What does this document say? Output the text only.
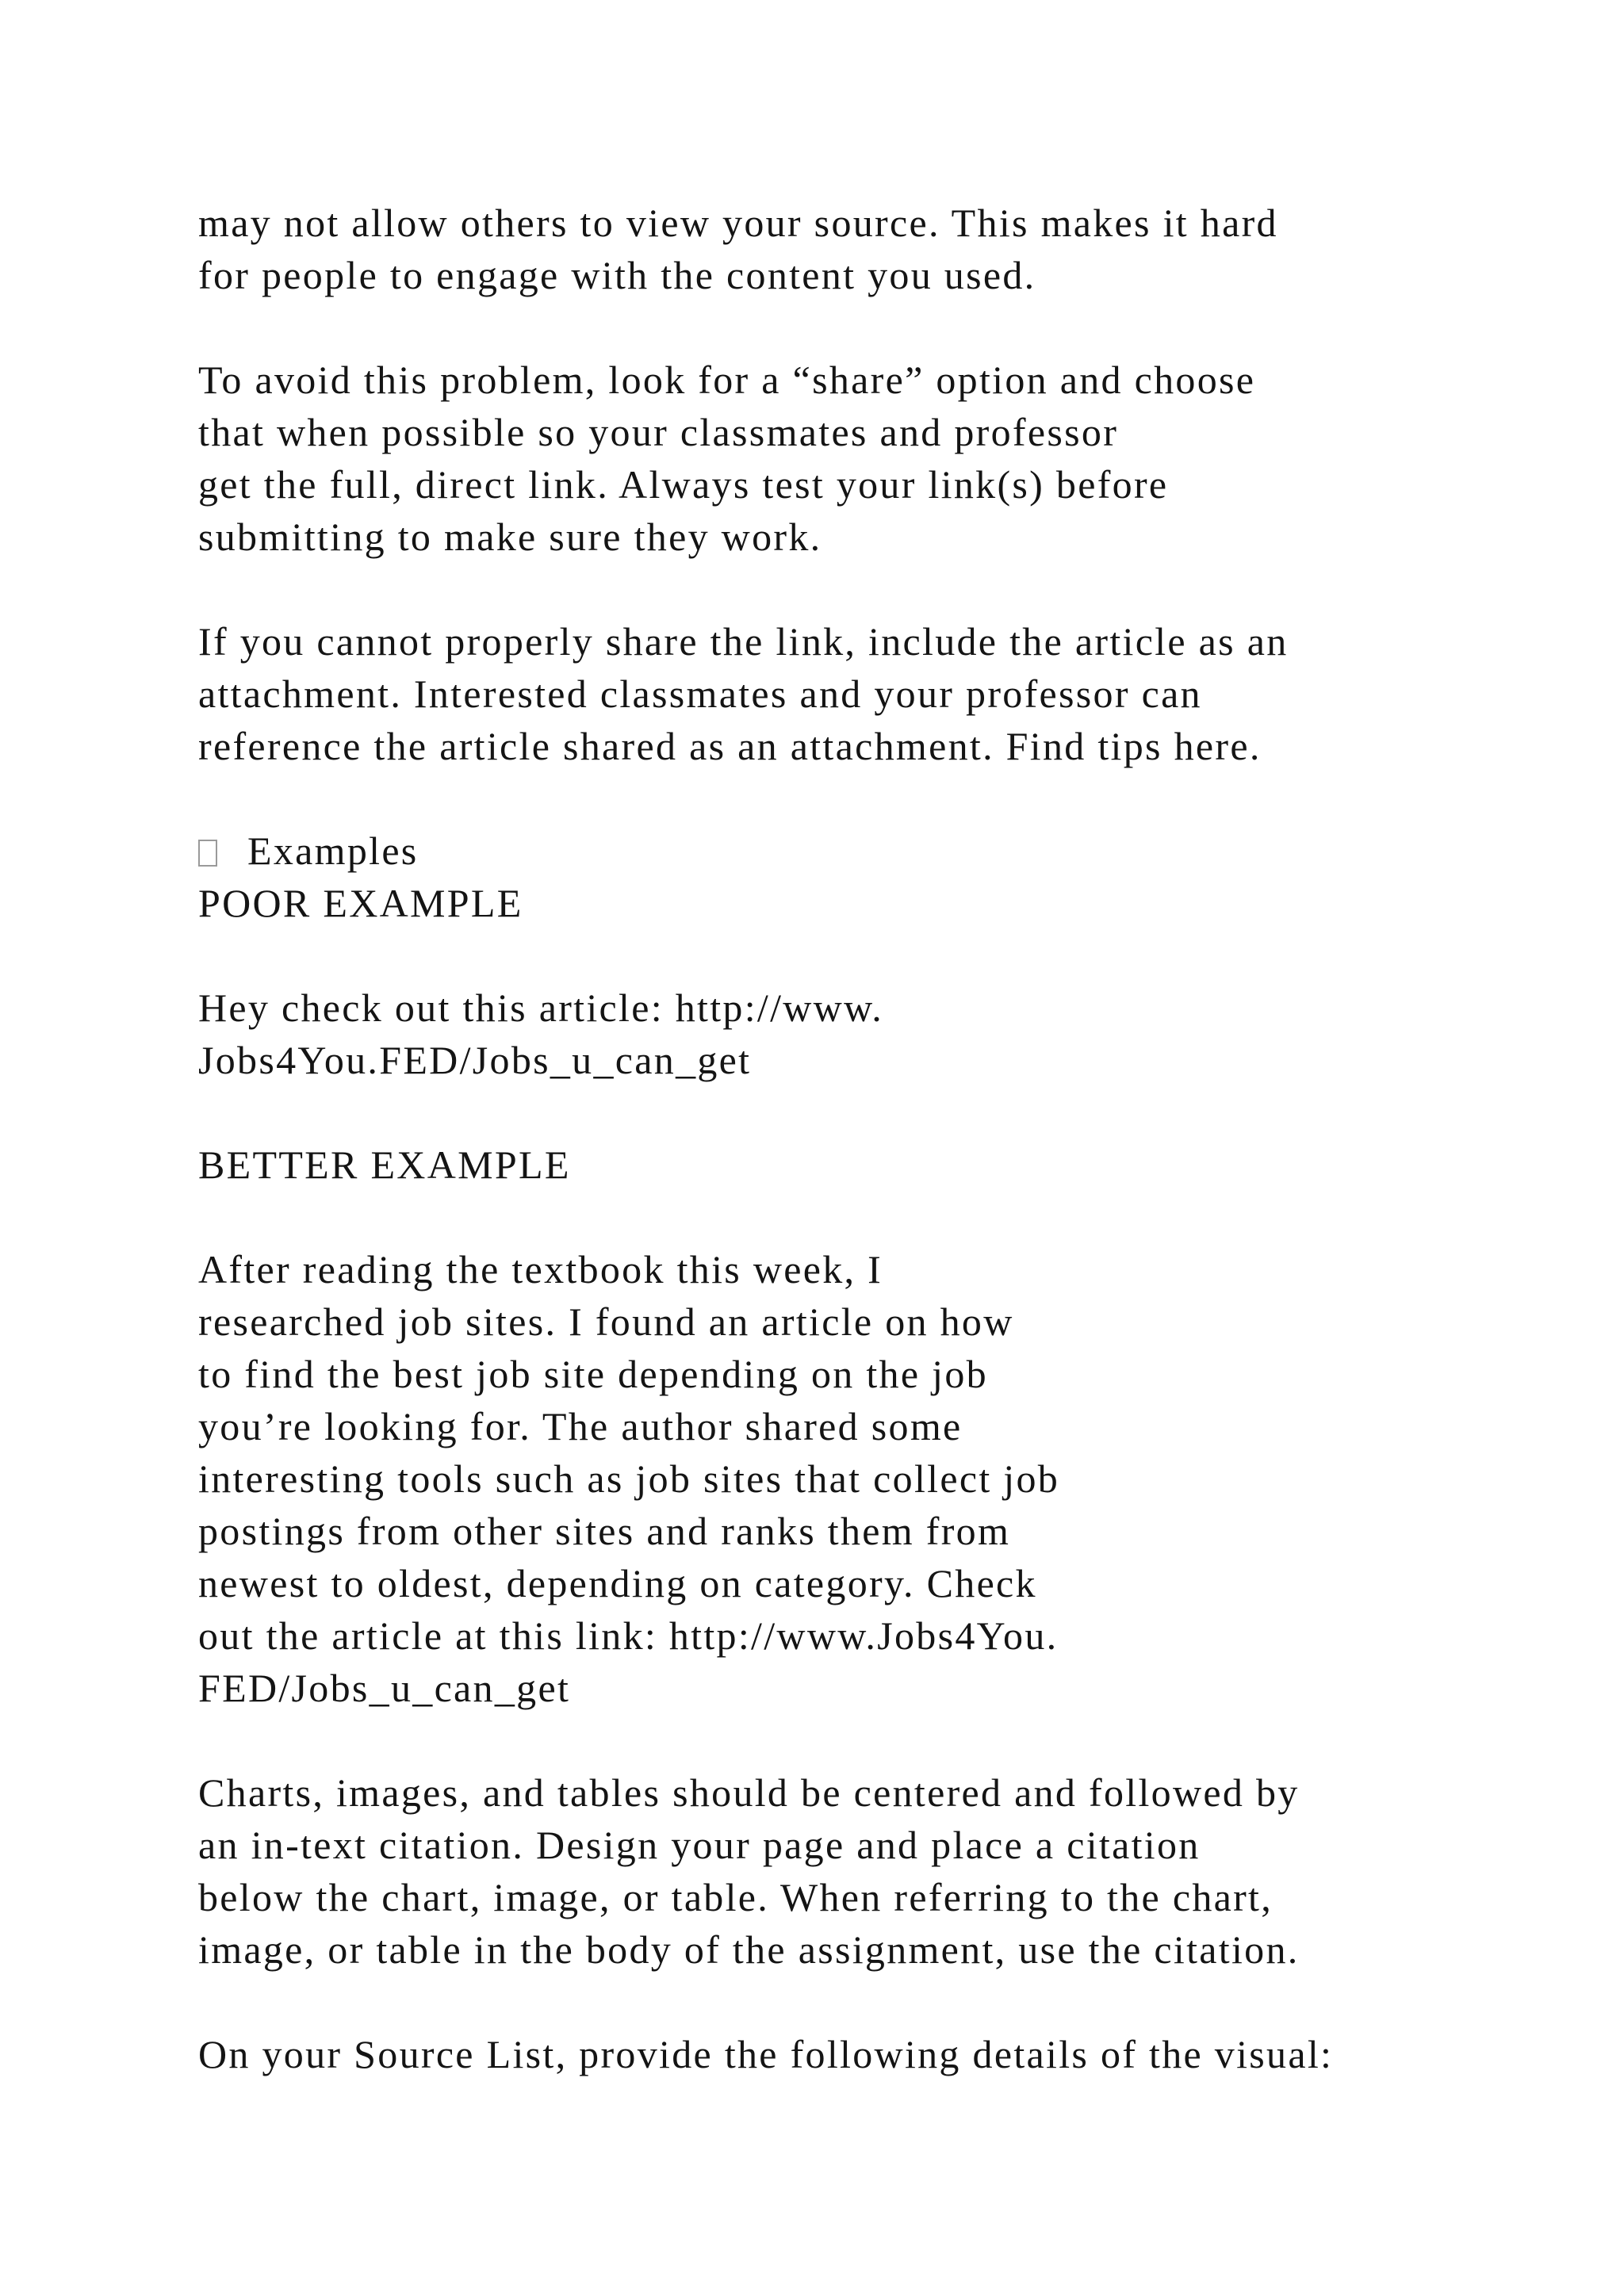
may not allow others to view your source. This makes it hard

for people to engage with the content you used.

To avoid this problem, look for a “share” option and choose

that when possible so your classmates and professor

get the full, direct link. Always test your link(s) before

submitting to make sure they work.

If you cannot properly share the link, include the article as an

attachment. Interested classmates and your professor can

reference the article shared as an attachment. Find tips here.

Examples

POOR EXAMPLE

Hey check out this article: http://www.

Jobs4You.FED/Jobs_u_can_get

BETTER EXAMPLE

After reading the textbook this week, I

researched job sites. I found an article on how

to find the best job site depending on the job

you’re looking for. The author shared some

interesting tools such as job sites that collect job

postings from other sites and ranks them from

newest to oldest, depending on category. Check

out the article at this link: http://www.Jobs4You.

FED/Jobs_u_can_get

Charts, images, and tables should be centered and followed by

an in-text citation. Design your page and place a citation

below the chart, image, or table. When referring to the chart,

image, or table in the body of the assignment, use the citation.

On your Source List, provide the following details of the visual:
